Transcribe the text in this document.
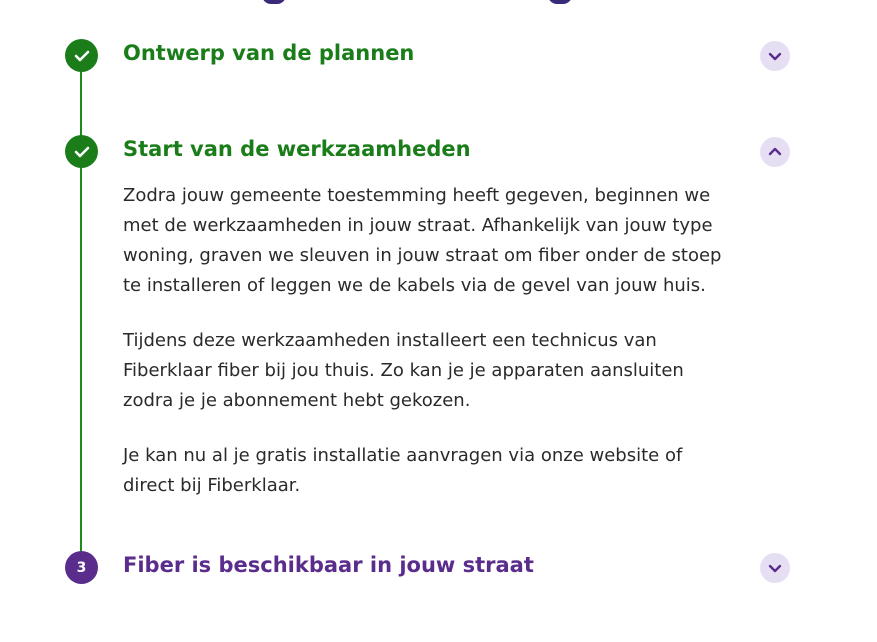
Ontwerp van de plannen
Start van de werkzaamheden

Zodra jouw gemeente toestemming heeft gegeven, beginnen we met de werkzaamheden in jouw straat. Afhankelijk van jouw type woning, graven we sleuven in jouw straat om fiber onder de stoep te installeren of leggen we de kabels via de gevel van jouw huis.

Tijdens deze werkzaamheden installeert een technicus van Fiberklaar fiber bij jou thuis. Zo kan je je apparaten aansluiten zodra je je abonnement hebt gekozen.

Je kan nu al je gratis installatie aanvragen via onze website of direct bij Fiberklaar.

3	Fiber is beschikbaar in jouw straat
